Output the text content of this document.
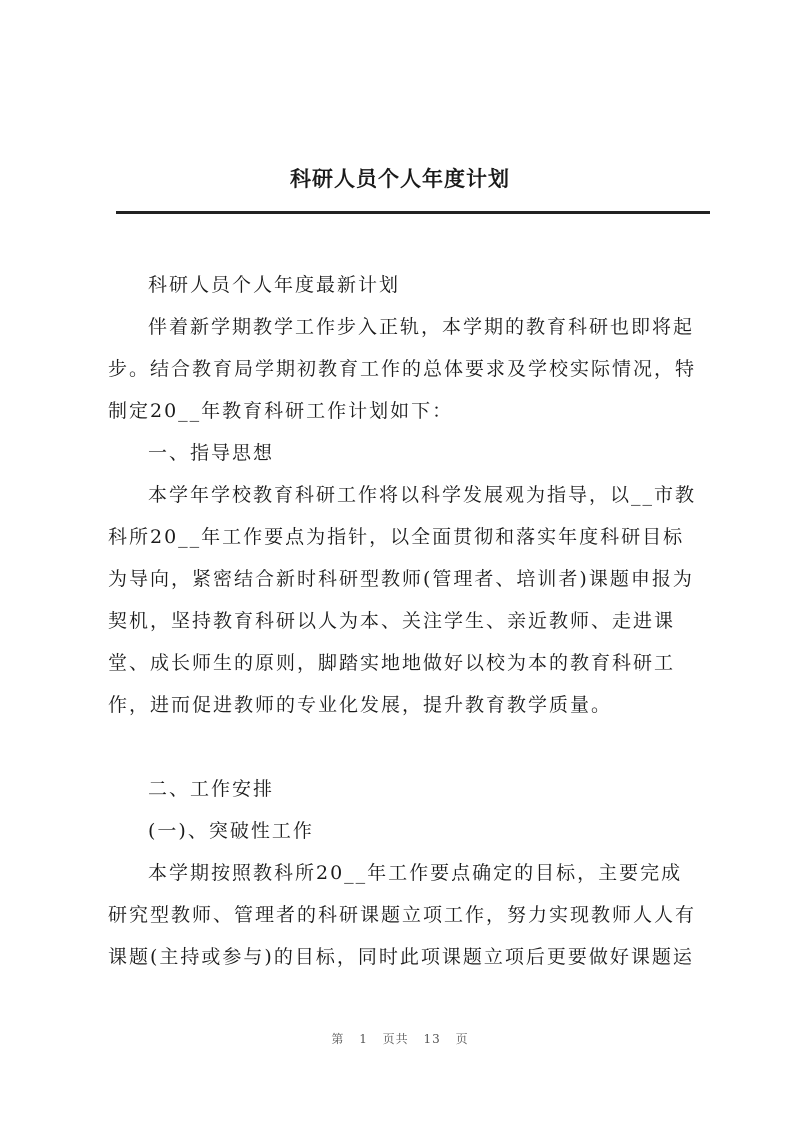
科研人员个人年度计划
科研人员个人年度最新计划
伴着新学期教学工作步入正轨，本学期的教育科研也即将起
步。结合教育局学期初教育工作的总体要求及学校实际情况，特
制定20__年教育科研工作计划如下：
一、指导思想
本学年学校教育科研工作将以科学发展观为指导，以__市教
科所20__年工作要点为指针，以全面贯彻和落实年度科研目标
为导向，紧密结合新时科研型教师(管理者、培训者)课题申报为
契机，坚持教育科研以人为本、关注学生、亲近教师、走进课
堂、成长师生的原则，脚踏实地地做好以校为本的教育科研工
作，进而促进教师的专业化发展，提升教育教学质量。
二、工作安排
(一)、突破性工作
本学期按照教科所20__年工作要点确定的目标，主要完成
研究型教师、管理者的科研课题立项工作，努力实现教师人人有
课题(主持或参与)的目标，同时此项课题立项后更要做好课题运
第 1 页共 13 页
